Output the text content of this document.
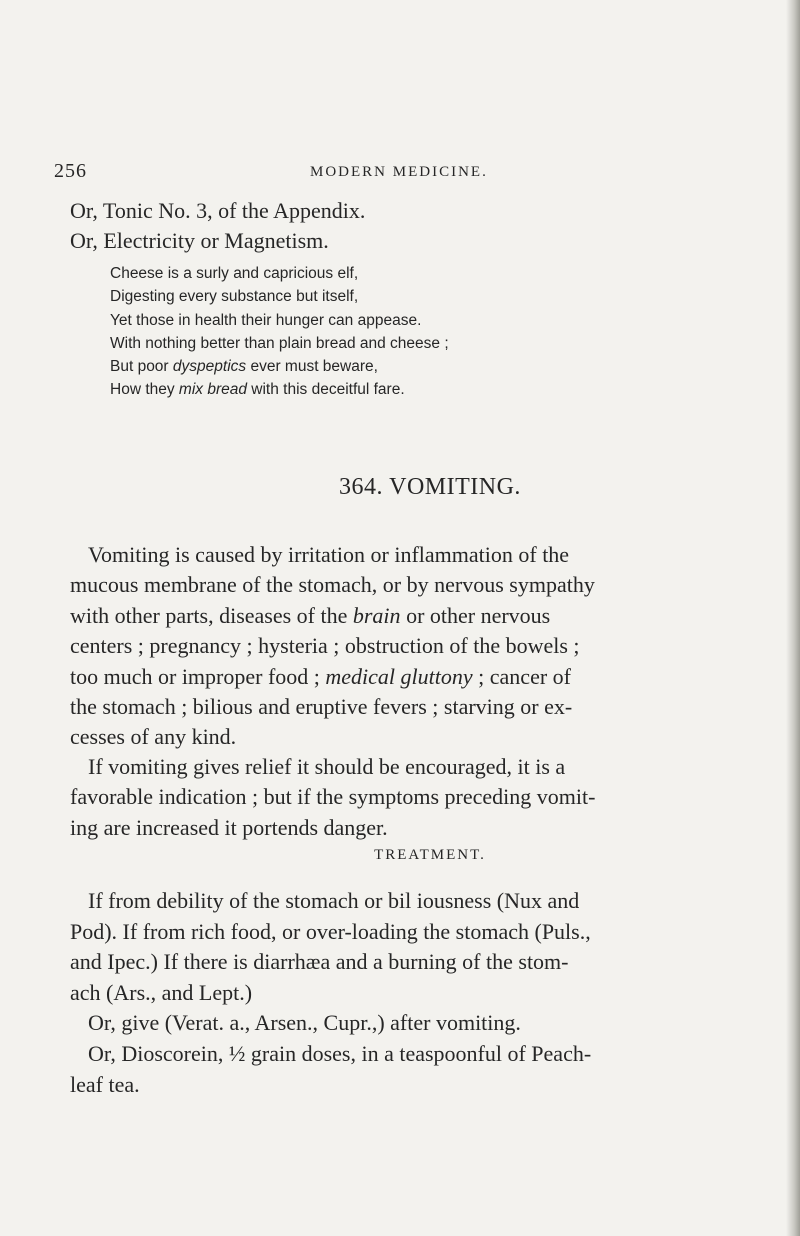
256	MODERN MEDICINE.
Or, Tonic No. 3, of the Appendix.
Or, Electricity or Magnetism.
Cheese is a surly and capricious elf,
Digesting every substance but itself,
Yet those in health their hunger can appease.
With nothing better than plain bread and cheese ;
But poor dyspeptics ever must beware,
How they mix bread with this deceitful fare.
364. VOMITING.
Vomiting is caused by irritation or inflammation of the
mucous membrane of the stomach, or by nervous sympathy
with other parts, diseases of the brain or other nervous
centers ; pregnancy ; hysteria ; obstruction of the bowels ;
too much or improper food ; medical gluttony ; cancer of
the stomach ; bilious and eruptive fevers ; starving or ex-
cesses of any kind.
If vomiting gives relief it should be encouraged, it is a
favorable indication ; but if the symptoms preceding vomit-
ing are increased it portends danger.
TREATMENT.
If from debility of the stomach or bil iousness (Nux and
Pod). If from rich food, or over-loading the stomach (Puls.,
and Ipec.) If there is diarrhæa and a burning of the stom-
ach (Ars., and Lept.)
Or, give (Verat. a., Arsen., Cupr.,) after vomiting.
Or, Dioscorein, ½ grain doses, in a teaspoonful of Peach-
leaf tea.
